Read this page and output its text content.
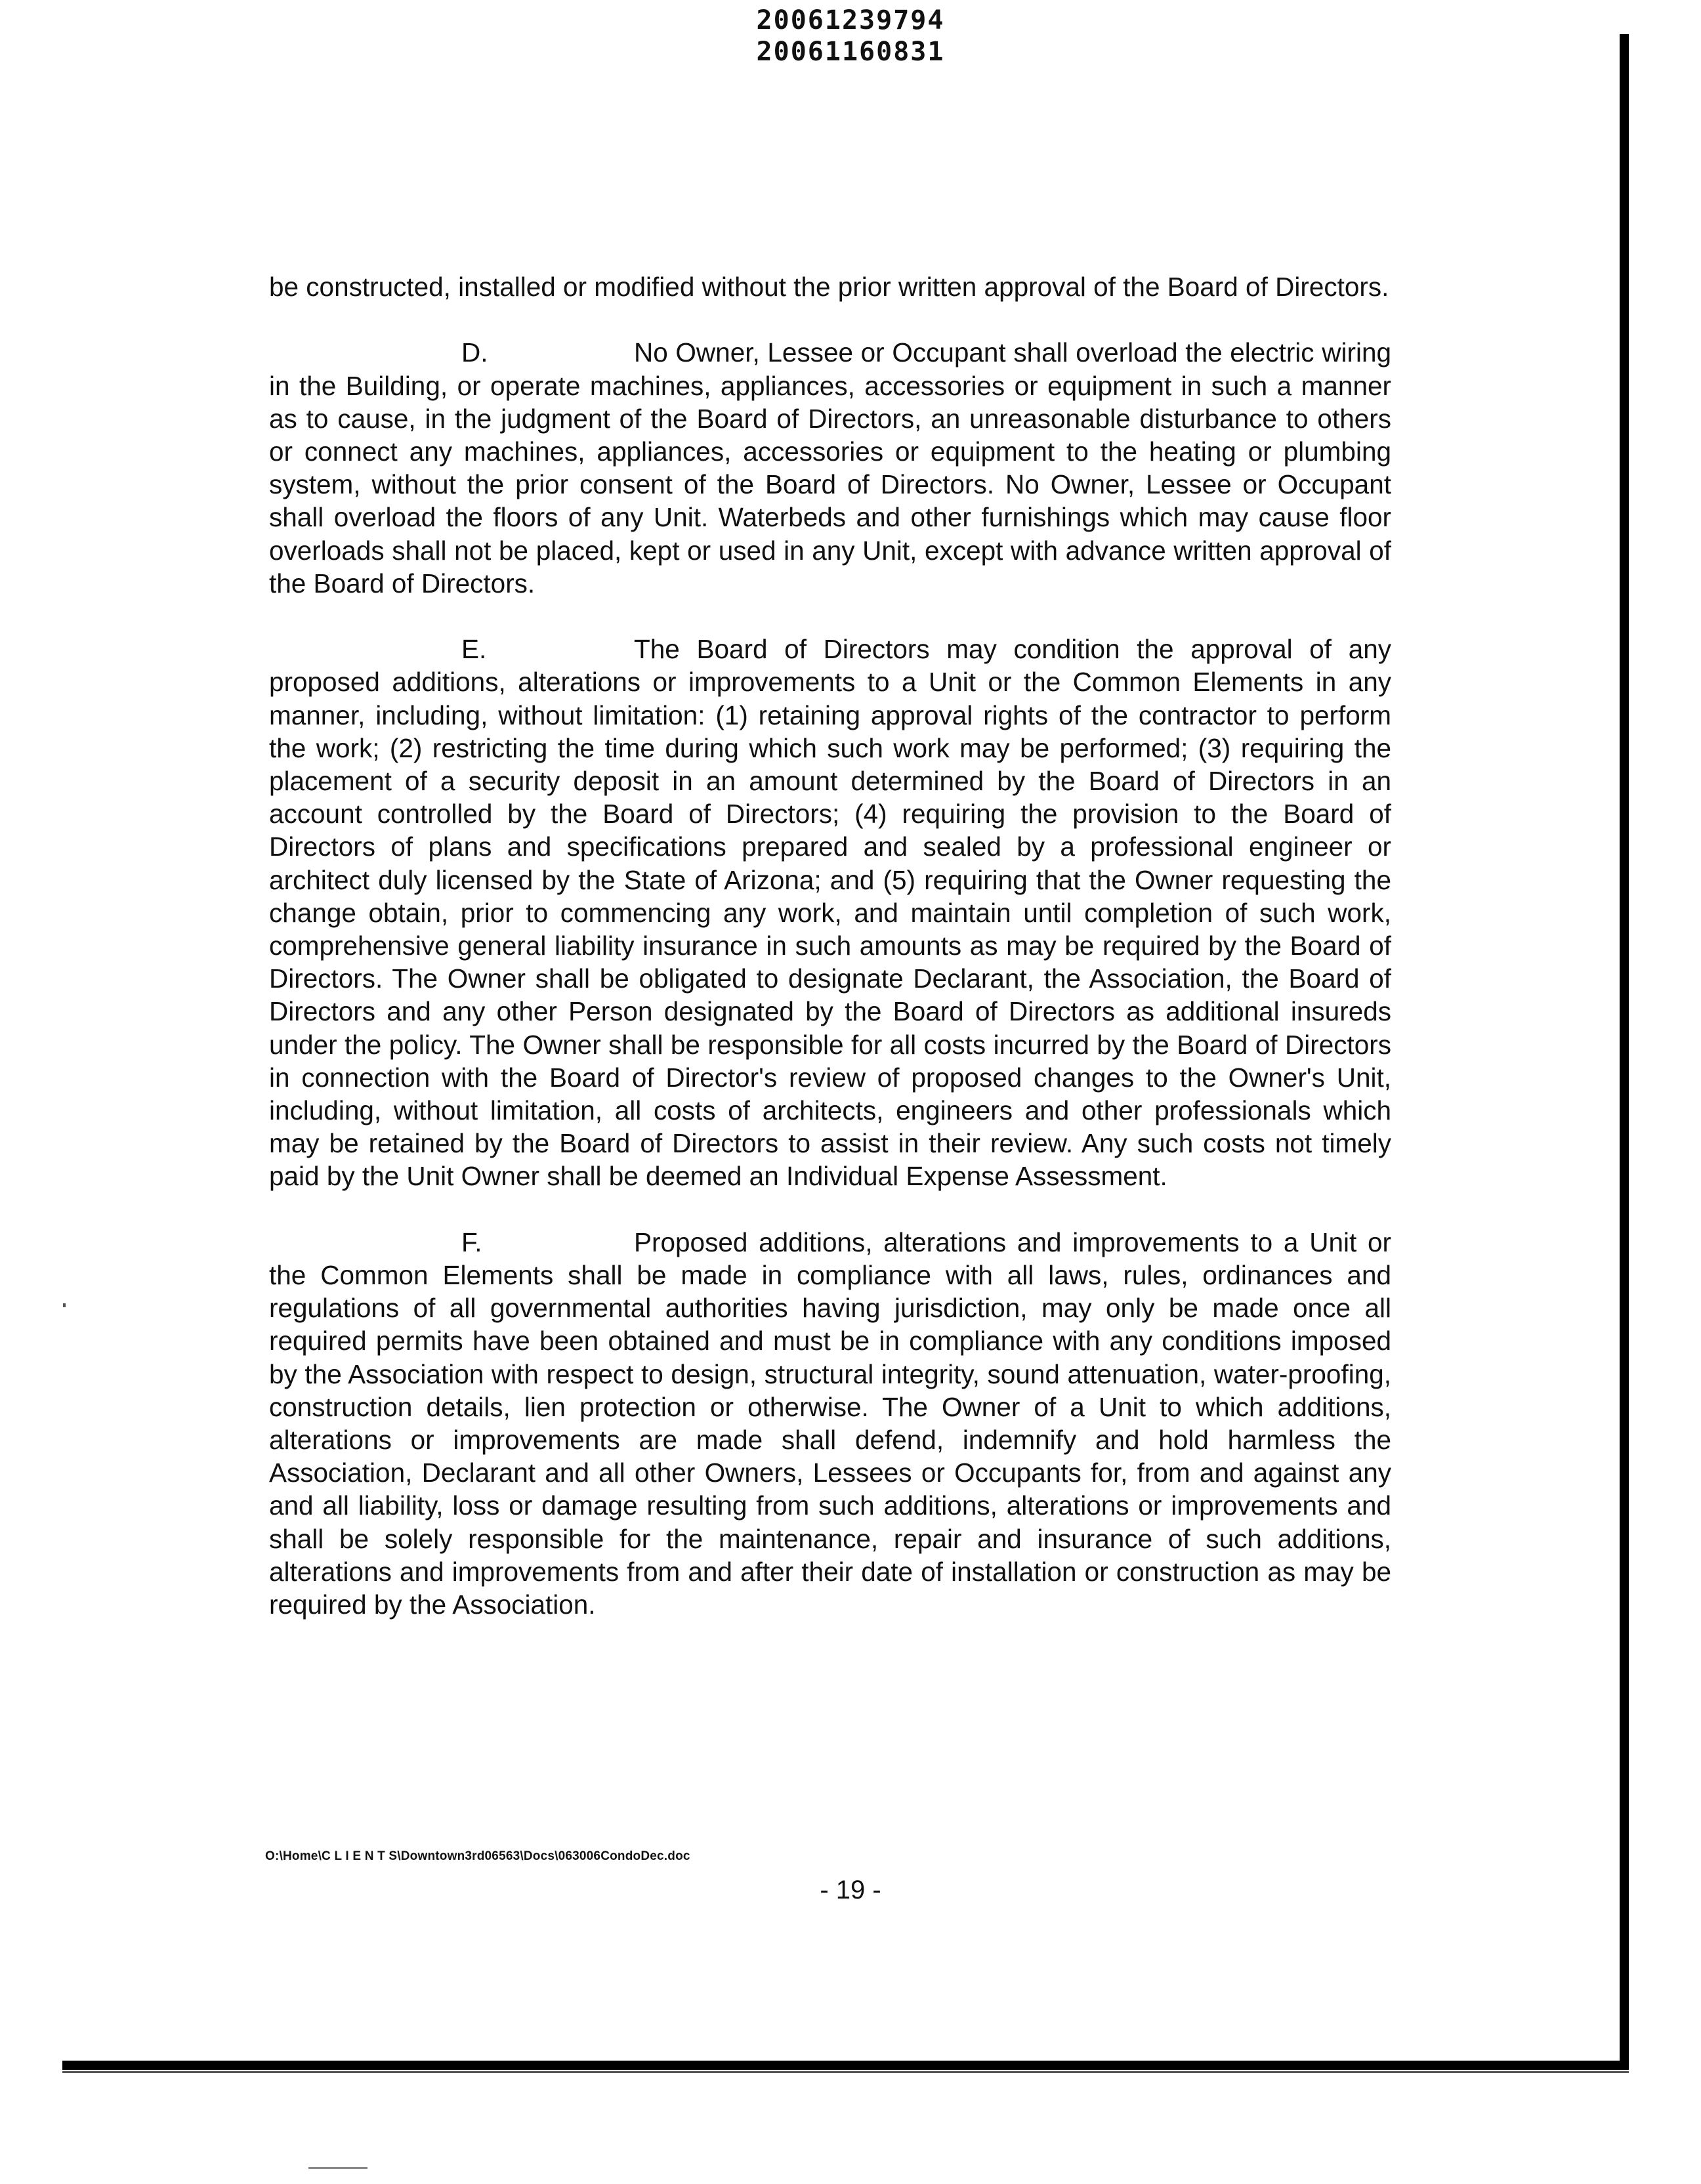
20061239794
20061160831

be constructed, installed or modified without the prior written approval of the Board of Directors.

D.	No Owner, Lessee or Occupant shall overload the electric wiring in the Building, or operate machines, appliances, accessories or equipment in such a manner as to cause, in the judgment of the Board of Directors, an unreasonable disturbance to others or connect any machines, appliances, accessories or equipment to the heating or plumbing system, without the prior consent of the Board of Directors. No Owner, Lessee or Occupant shall overload the floors of any Unit. Waterbeds and other furnishings which may cause floor overloads shall not be placed, kept or used in any Unit, except with advance written approval of the Board of Directors.

E.	The Board of Directors may condition the approval of any proposed additions, alterations or improvements to a Unit or the Common Elements in any manner, including, without limitation: (1) retaining approval rights of the contractor to perform the work; (2) restricting the time during which such work may be performed; (3) requiring the placement of a security deposit in an amount determined by the Board of Directors in an account controlled by the Board of Directors; (4) requiring the provision to the Board of Directors of plans and specifications prepared and sealed by a professional engineer or architect duly licensed by the State of Arizona; and (5) requiring that the Owner requesting the change obtain, prior to commencing any work, and maintain until completion of such work, comprehensive general liability insurance in such amounts as may be required by the Board of Directors. The Owner shall be obligated to designate Declarant, the Association, the Board of Directors and any other Person designated by the Board of Directors as additional insureds under the policy. The Owner shall be responsible for all costs incurred by the Board of Directors in connection with the Board of Director's review of proposed changes to the Owner's Unit, including, without limitation, all costs of architects, engineers and other professionals which may be retained by the Board of Directors to assist in their review. Any such costs not timely paid by the Unit Owner shall be deemed an Individual Expense Assessment.

F.	Proposed additions, alterations and improvements to a Unit or the Common Elements shall be made in compliance with all laws, rules, ordinances and regulations of all governmental authorities having jurisdiction, may only be made once all required permits have been obtained and must be in compliance with any conditions imposed by the Association with respect to design, structural integrity, sound attenuation, water-proofing, construction details, lien protection or otherwise. The Owner of a Unit to which additions, alterations or improvements are made shall defend, indemnify and hold harmless the Association, Declarant and all other Owners, Lessees or Occupants for, from and against any and all liability, loss or damage resulting from such additions, alterations or improvements and shall be solely responsible for the maintenance, repair and insurance of such additions, alterations and improvements from and after their date of installation or construction as may be required by the Association.

O:\Home\C L I E N T S\Downtown3rd06563\Docs\063006CondoDec.doc
- 19 -
